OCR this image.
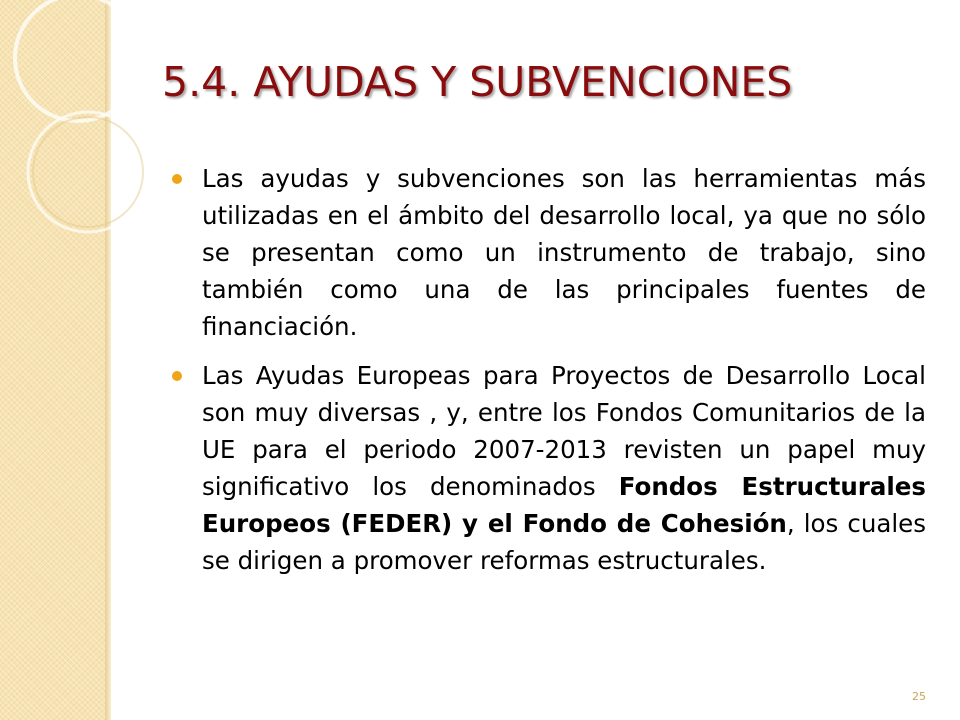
5.4. AYUDAS Y SUBVENCIONES
Las ayudas y subvenciones son las herramientas más utilizadas en el ámbito del desarrollo local, ya que no sólo se presentan como un instrumento de trabajo, sino también como una de las principales fuentes de financiación.
Las Ayudas Europeas para Proyectos de Desarrollo Local son muy diversas , y, entre los Fondos Comunitarios de la UE para el periodo 2007-2013 revisten un papel muy significativo los denominados Fondos Estructurales Europeos (FEDER) y el Fondo de Cohesión, los cuales se dirigen a promover reformas estructurales.
25
